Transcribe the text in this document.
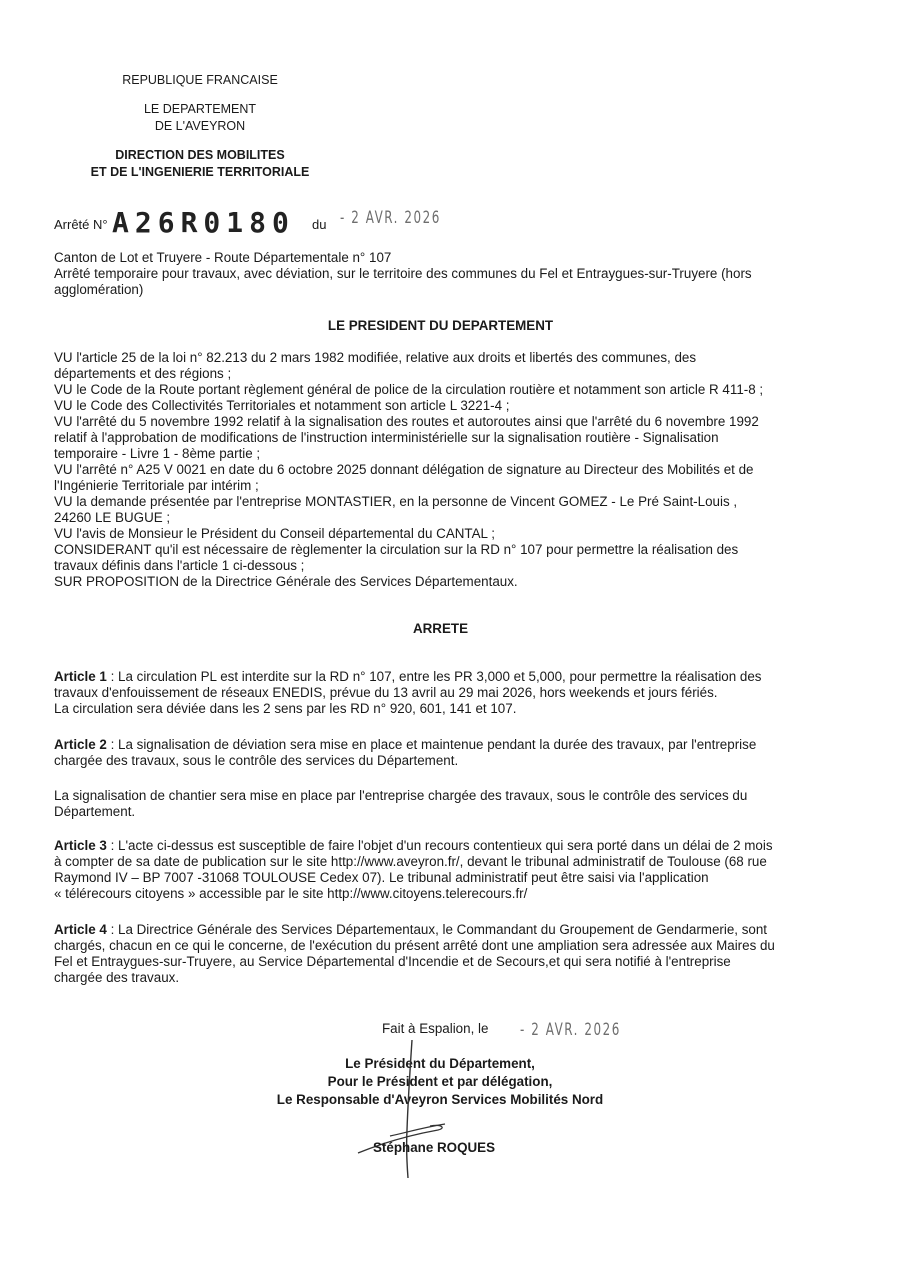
REPUBLIQUE FRANCAISE
LE DEPARTEMENT
DE L'AVEYRON
DIRECTION DES MOBILITES
ET DE L'INGENIERIE TERRITORIALE
Arrêté N° A26R0180 du - 2 AVR. 2026
Canton de Lot et Truyere - Route Départementale n° 107
Arrêté temporaire pour travaux, avec déviation, sur le territoire des communes du Fel et Entraygues-sur-Truyere (hors
agglomération)
LE PRESIDENT DU DEPARTEMENT
VU l'article 25 de la loi n° 82.213 du 2 mars 1982 modifiée, relative aux droits et libertés des communes, des
départements et des régions ;
VU le Code de la Route portant règlement général de police de la circulation routière et notamment son article R 411-8 ;
VU le Code des Collectivités Territoriales et notamment son article L 3221-4 ;
VU l'arrêté du 5 novembre 1992 relatif à la signalisation des routes et autoroutes ainsi que l'arrêté du 6 novembre 1992
relatif à l'approbation de modifications de l'instruction interministérielle sur la signalisation routière - Signalisation
temporaire - Livre 1 - 8ème partie ;
VU l'arrêté n° A25 V 0021 en date du 6 octobre 2025 donnant délégation de signature au Directeur des Mobilités et de
l'Ingénierie Territoriale par intérim ;
VU la demande présentée par l'entreprise MONTASTIER, en la personne de Vincent GOMEZ - Le Pré Saint-Louis ,
24260 LE BUGUE ;
VU l'avis de Monsieur le Président du Conseil départemental du CANTAL ;
CONSIDERANT qu'il est nécessaire de règlementer la circulation sur la RD n° 107 pour permettre la réalisation des
travaux définis dans l'article 1 ci-dessous ;
SUR PROPOSITION de la Directrice Générale des Services Départementaux.
ARRETE
Article 1 : La circulation PL est interdite sur la RD n° 107, entre les PR 3,000 et 5,000, pour permettre la réalisation des
travaux d'enfouissement de réseaux ENEDIS, prévue du 13 avril au 29 mai 2026, hors weekends et jours fériés.
La circulation sera déviée dans les 2 sens par les RD n° 920, 601, 141 et 107.
Article 2 : La signalisation de déviation sera mise en place et maintenue pendant la durée des travaux, par l'entreprise
chargée des travaux, sous le contrôle des services du Département.
La signalisation de chantier sera mise en place par l'entreprise chargée des travaux, sous le contrôle des services du
Département.
Article 3 : L'acte ci-dessus est susceptible de faire l'objet d'un recours contentieux qui sera porté dans un délai de 2 mois
à compter de sa date de publication sur le site http://www.aveyron.fr/, devant le tribunal administratif de Toulouse (68 rue
Raymond IV – BP 7007 -31068 TOULOUSE Cedex 07). Le tribunal administratif peut être saisi via l'application
« télérecours citoyens » accessible par le site http://www.citoyens.telerecours.fr/
Article 4 : La Directrice Générale des Services Départementaux, le Commandant du Groupement de Gendarmerie, sont
chargés, chacun en ce qui le concerne, de l'exécution du présent arrêté dont une ampliation sera adressée aux Maires du
Fel et Entraygues-sur-Truyere, au Service Départemental d'Incendie et de Secours,et qui sera notifié à l'entreprise
chargée des travaux.
Fait à Espalion, le - 2 AVR. 2026
Le Président du Département,
Pour le Président et par délégation,
Le Responsable d'Aveyron Services Mobilités Nord
Stéphane ROQUES
